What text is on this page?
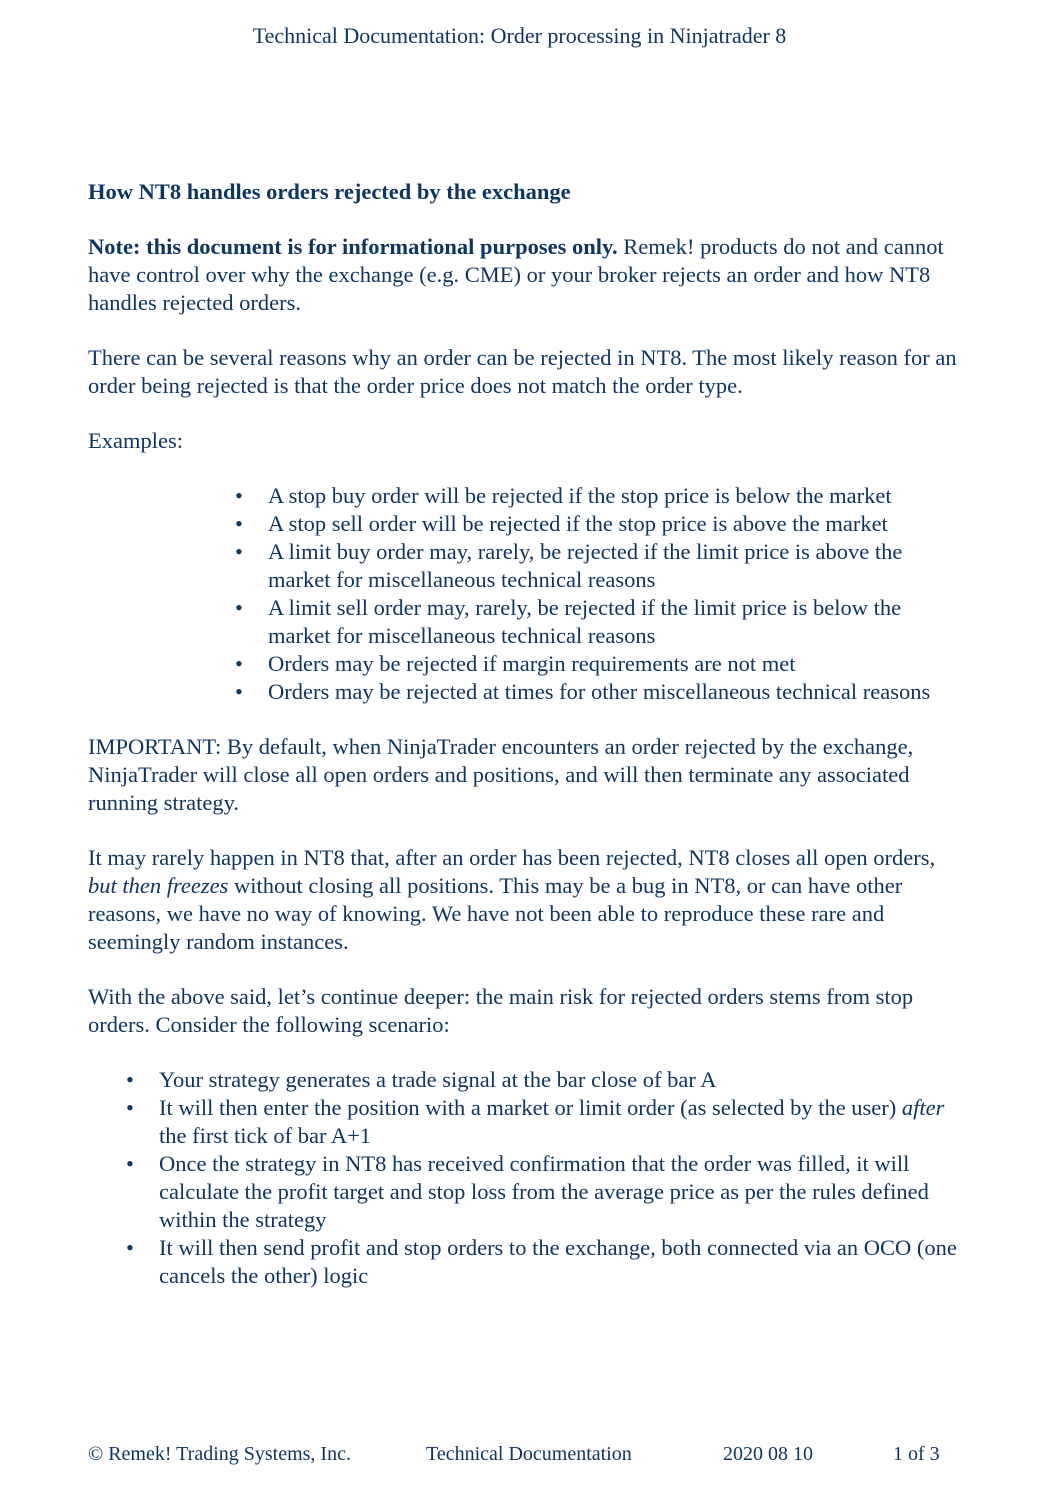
Technical Documentation: Order processing in Ninjatrader 8

How NT8 handles orders rejected by the exchange

Note: this document is for informational purposes only. Remek! products do not and cannot have control over why the exchange (e.g. CME) or your broker rejects an order and how NT8 handles rejected orders.

There can be several reasons why an order can be rejected in NT8. The most likely reason for an order being rejected is that the order price does not match the order type.

Examples:

• A stop buy order will be rejected if the stop price is below the market
• A stop sell order will be rejected if the stop price is above the market
• A limit buy order may, rarely, be rejected if the limit price is above the market for miscellaneous technical reasons
• A limit sell order may, rarely, be rejected if the limit price is below the market for miscellaneous technical reasons
• Orders may be rejected if margin requirements are not met
• Orders may be rejected at times for other miscellaneous technical reasons

IMPORTANT: By default, when NinjaTrader encounters an order rejected by the exchange, NinjaTrader will close all open orders and positions, and will then terminate any associated running strategy.

It may rarely happen in NT8 that, after an order has been rejected, NT8 closes all open orders, but then freezes without closing all positions. This may be a bug in NT8, or can have other reasons, we have no way of knowing. We have not been able to reproduce these rare and seemingly random instances.

With the above said, let’s continue deeper: the main risk for rejected orders stems from stop orders. Consider the following scenario:

• Your strategy generates a trade signal at the bar close of bar A
• It will then enter the position with a market or limit order (as selected by the user) after the first tick of bar A+1
• Once the strategy in NT8 has received confirmation that the order was filled, it will calculate the profit target and stop loss from the average price as per the rules defined within the strategy
• It will then send profit and stop orders to the exchange, both connected via an OCO (one cancels the other) logic
© Remek! Trading Systems, Inc.	Technical Documentation	2020 08 10	1 of 3
